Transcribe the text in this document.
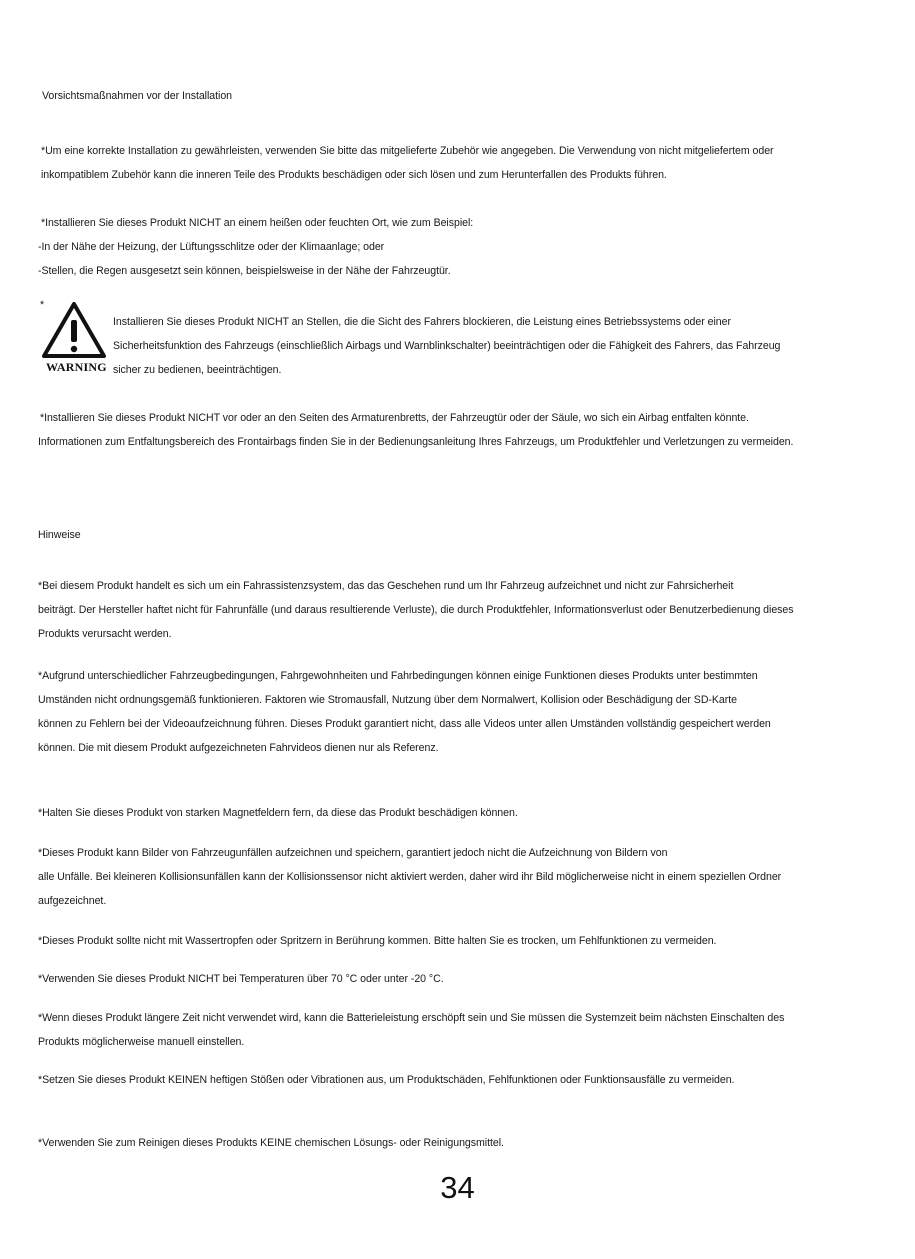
Vorsichtsmaßnahmen vor der Installation
*Um eine korrekte Installation zu gewährleisten, verwenden Sie bitte das mitgelieferte Zubehör wie angegeben. Die Verwendung von nicht mitgeliefertem oder
inkompatiblem Zubehör kann die inneren Teile des Produkts beschädigen oder sich lösen und zum Herunterfallen des Produkts führen.
*Installieren Sie dieses Produkt NICHT an einem heißen oder feuchten Ort, wie zum Beispiel:
-In der Nähe der Heizung, der Lüftungsschlitze oder der Klimaanlage; oder
-Stellen, die Regen ausgesetzt sein können, beispielsweise in der Nähe der Fahrzeugtür.
*
WARNING
Installieren Sie dieses Produkt NICHT an Stellen, die die Sicht des Fahrers blockieren, die Leistung eines Betriebssystems oder einer
Sicherheitsfunktion des Fahrzeugs (einschließlich Airbags und Warnblinkschalter) beeinträchtigen oder die Fähigkeit des Fahrers, das Fahrzeug
sicher zu bedienen, beeinträchtigen.
*Installieren Sie dieses Produkt NICHT vor oder an den Seiten des Armaturenbretts, der Fahrzeugtür oder der Säule, wo sich ein Airbag entfalten könnte.
Informationen zum Entfaltungsbereich des Frontairbags finden Sie in der Bedienungsanleitung Ihres Fahrzeugs, um Produktfehler und Verletzungen zu vermeiden.
Hinweise
*Bei diesem Produkt handelt es sich um ein Fahrassistenzsystem, das das Geschehen rund um Ihr Fahrzeug aufzeichnet und nicht zur Fahrsicherheit
beiträgt. Der Hersteller haftet nicht für Fahrunfälle (und daraus resultierende Verluste), die durch Produktfehler, Informationsverlust oder Benutzerbedienung dieses
Produkts verursacht werden.
*Aufgrund unterschiedlicher Fahrzeugbedingungen, Fahrgewohnheiten und Fahrbedingungen können einige Funktionen dieses Produkts unter bestimmten
Umständen nicht ordnungsgemäß funktionieren. Faktoren wie Stromausfall, Nutzung über dem Normalwert, Kollision oder Beschädigung der SD-Karte
können zu Fehlern bei der Videoaufzeichnung führen. Dieses Produkt garantiert nicht, dass alle Videos unter allen Umständen vollständig gespeichert werden
können. Die mit diesem Produkt aufgezeichneten Fahrvideos dienen nur als Referenz.
*Halten Sie dieses Produkt von starken Magnetfeldern fern, da diese das Produkt beschädigen können.
*Dieses Produkt kann Bilder von Fahrzeugunfällen aufzeichnen und speichern, garantiert jedoch nicht die Aufzeichnung von Bildern von
alle Unfälle. Bei kleineren Kollisionsunfällen kann der Kollisionssensor nicht aktiviert werden, daher wird ihr Bild möglicherweise nicht in einem speziellen Ordner
aufgezeichnet.
*Dieses Produkt sollte nicht mit Wassertropfen oder Spritzern in Berührung kommen. Bitte halten Sie es trocken, um Fehlfunktionen zu vermeiden.
*Verwenden Sie dieses Produkt NICHT bei Temperaturen über 70 °C oder unter -20 °C.
*Wenn dieses Produkt längere Zeit nicht verwendet wird, kann die Batterieleistung erschöpft sein und Sie müssen die Systemzeit beim nächsten Einschalten des
Produkts möglicherweise manuell einstellen.
*Setzen Sie dieses Produkt KEINEN heftigen Stößen oder Vibrationen aus, um Produktschäden, Fehlfunktionen oder Funktionsausfälle zu vermeiden.
*Verwenden Sie zum Reinigen dieses Produkts KEINE chemischen Lösungs- oder Reinigungsmittel.
34
